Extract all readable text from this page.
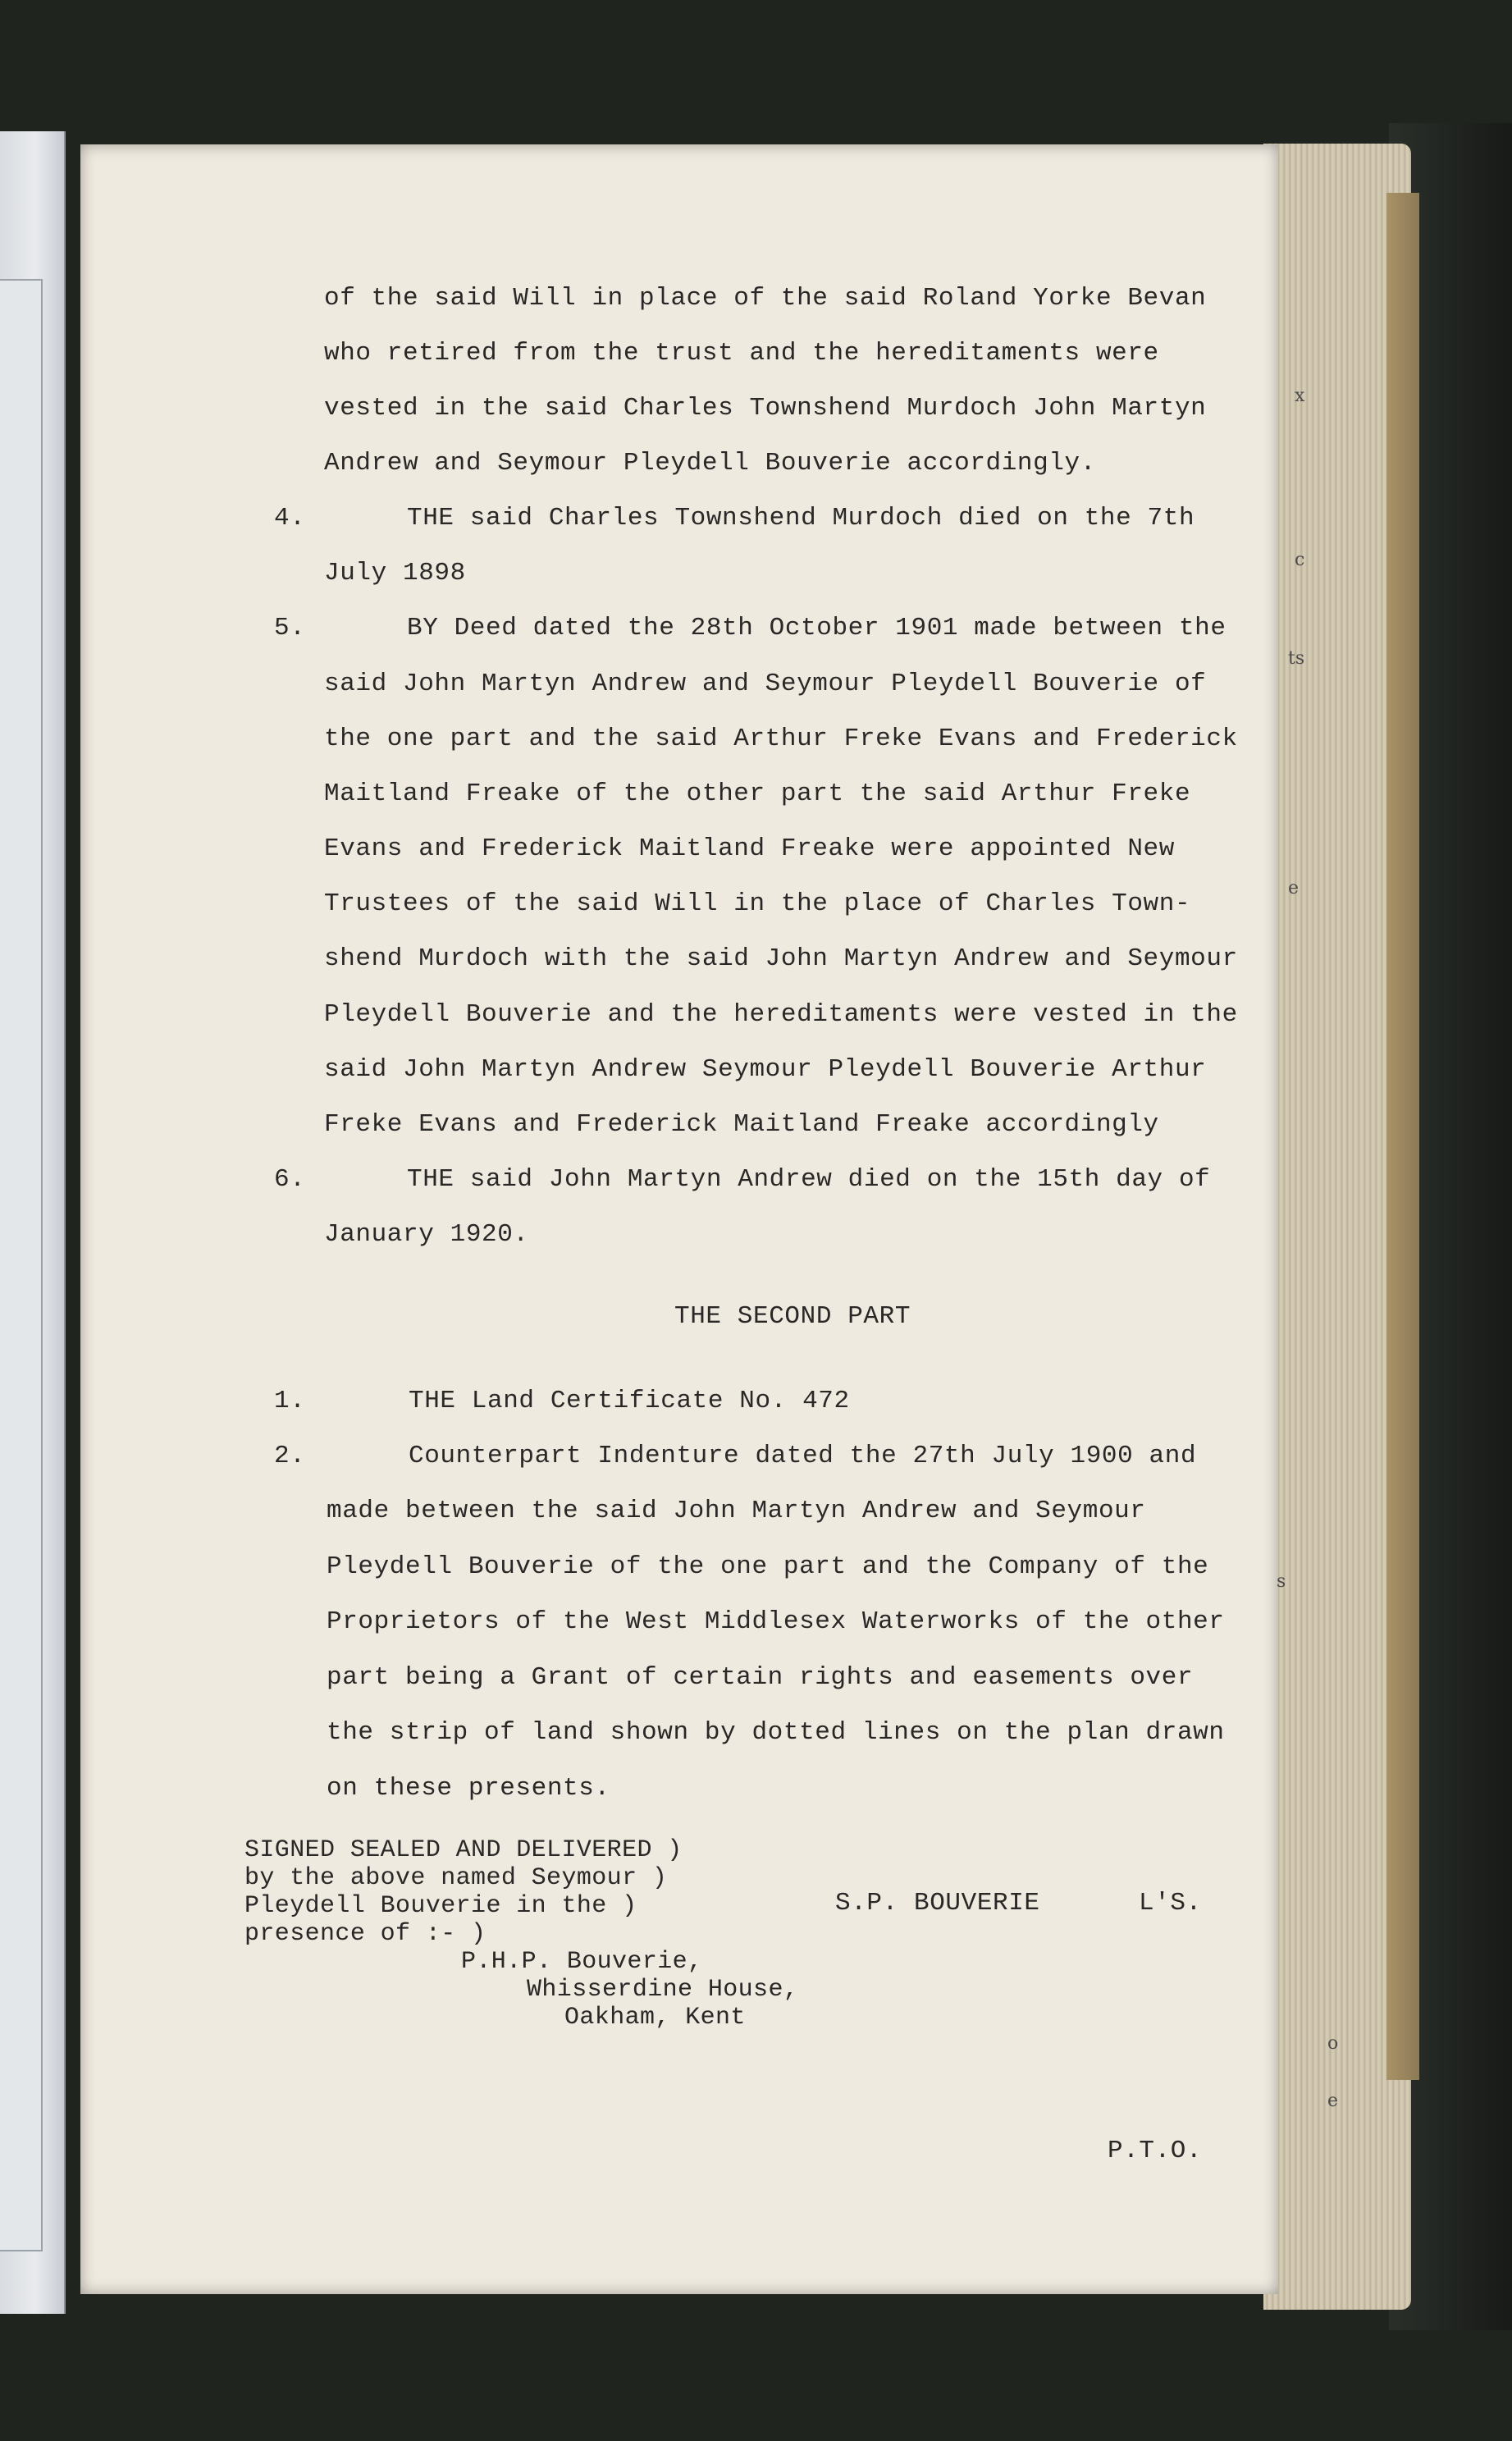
of the said Will in place of the said Roland Yorke Bevan

who retired from the trust and the hereditaments were

vested in the said Charles Townshend Murdoch John Martyn

Andrew and Seymour Pleydell Bouverie accordingly.

4.	THE said Charles Townshend Murdoch died on the 7th

July 1898

5.	BY Deed dated the 28th October 1901 made between the

said John Martyn Andrew and Seymour Pleydell Bouverie of

the one part and the said Arthur Freke Evans and Frederick

Maitland Freake of the other part the said Arthur Freke

Evans and Frederick Maitland Freake were appointed New

Trustees of the said Will in the place of Charles Town-

shend Murdoch with the said John Martyn Andrew and Seymour

Pleydell Bouverie and the hereditaments were vested in the

said John Martyn Andrew Seymour Pleydell Bouverie Arthur

Freke Evans and Frederick Maitland Freake accordingly

6.	THE said John Martyn Andrew died on the 15th day of

January 1920.

THE SECOND PART

1.	THE Land Certificate No. 472

2.	Counterpart Indenture dated the 27th July 1900 and

made between the said John Martyn Andrew and Seymour

Pleydell Bouverie of the one part and the Company of the

Proprietors of the West Middlesex Waterworks of the other

part being a Grant of certain rights and easements over

the strip of land shown by dotted lines on the plan drawn

on these presents.

SIGNED SEALED AND DELIVERED )

by the above named Seymour )

Pleydell Bouverie in the )

presence of :- )

S.P. BOUVERIE	L'S.

P.H.P. Bouverie,

Whisserdine House,

Oakham, Kent

P.T.O.

x
c
ts
e
s
o
e
